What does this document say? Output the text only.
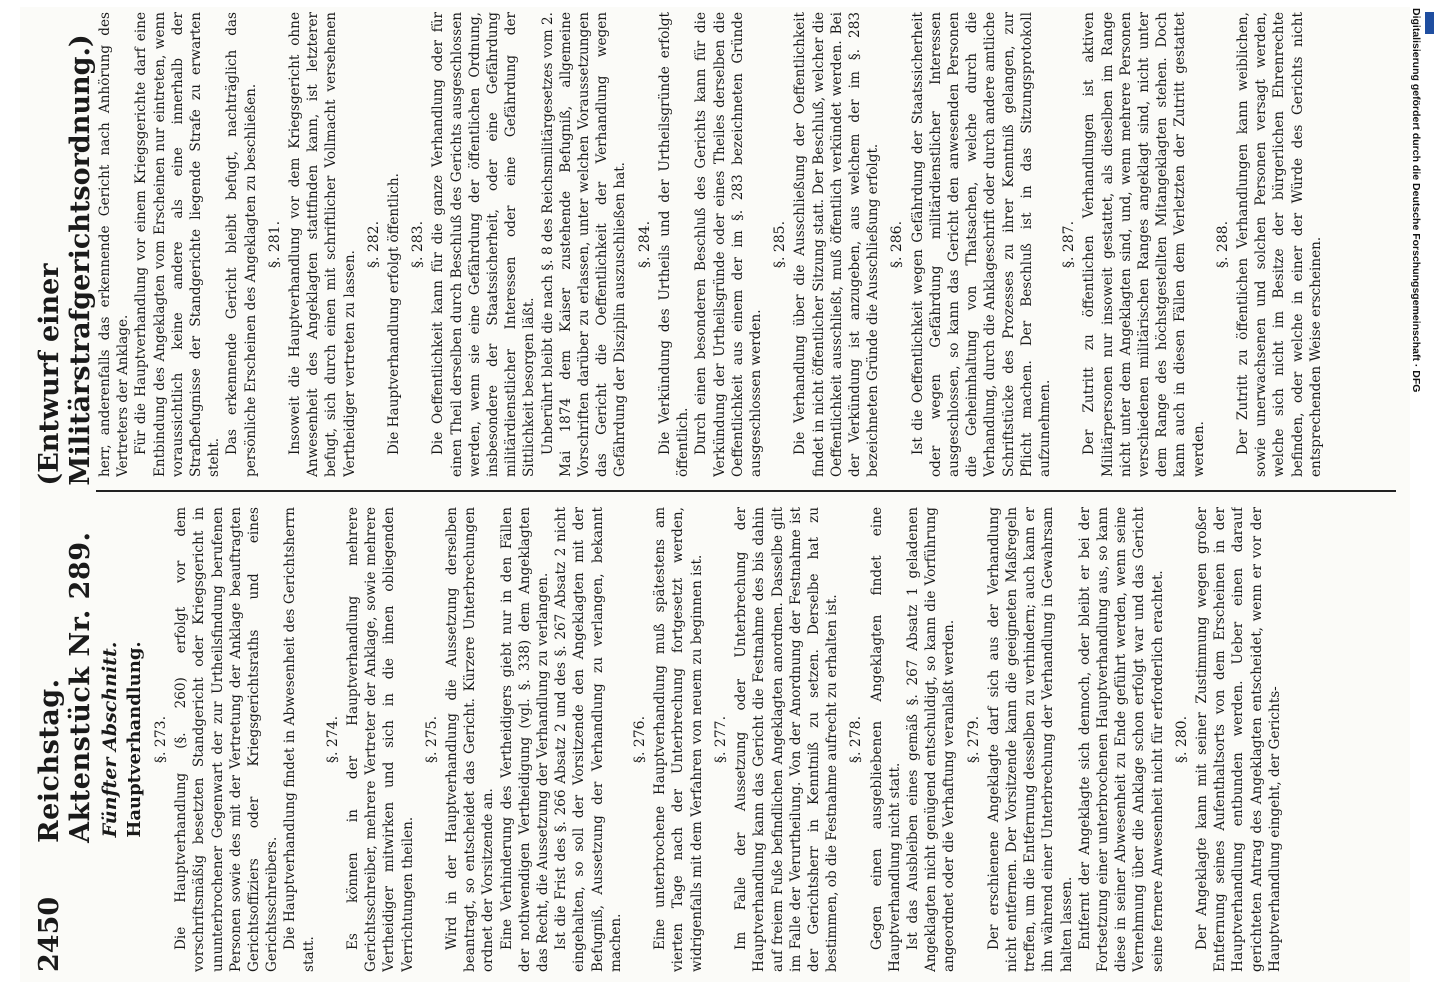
2450
Reichstag. Aktenstück Nr. 289.
(Entwurf einer Militärstrafgerichtsordnung.)
Fünfter Abschnitt. Hauptverhandlung. §. 273. Die Hauptverhandlung (§. 260) erfolgt vor dem vorschriftsmäßig besetzten Standgericht oder Kriegsgericht in ununterbrochener Gegenwart der zur Urtheilsfindung berufenen Personen sowie des mit der Vertretung der Anklage beauftragten Gerichtsoffiziers oder Kriegsgerichtsraths und eines Gerichtsschreibers. Die Hauptverhandlung findet in Abwesenheit des Gerichtsherrn statt.

§. 274. Es können in der Hauptverhandlung mehrere Gerichtsschreiber, mehrere Vertreter der Anklage, sowie mehrere Vertheidiger mitwirken und sich in die ihnen obliegenden Verrichtungen theilen.

§. 275. Wird in der Hauptverhandlung die Aussetzung derselben beantragt, so entscheidet das Gericht. Kürzere Unterbrechungen ordnet der Vorsitzende an. Eine Verhinderung des Vertheidigers giebt nur in den Fällen der nothwendigen Vertheidigung (vgl. §. 338) dem Angeklagten das Recht, die Aussetzung der Verhandlung zu verlangen. Ist die Frist des §. 266 Absatz 2 und des §. 267 Absatz 2 nicht eingehalten, so soll der Vorsitzende den Angeklagten mit der Befugniß, Aussetzung der Verhandlung zu verlangen, bekannt machen.

§. 276. Eine unterbrochene Hauptverhandlung muß spätestens am vierten Tage nach der Unterbrechung fortgesetzt werden, widrigenfalls mit dem Verfahren von neuem zu beginnen ist. §. 277. Im Falle der Aussetzung oder Unterbrechung der Hauptverhandlung kann das Gericht die Festnahme des bis dahin auf freiem Fuße befindlichen Angeklagten anordnen. Dasselbe gilt im Falle der Verurtheilung. Von der Anordnung der Festnahme ist der Gerichtsherr in Kenntniß zu setzen. Derselbe hat zu bestimmen, ob die Festnahme aufrecht zu erhalten ist. §. 278. Gegen einen ausgebliebenen Angeklagten findet eine Hauptverhandlung nicht statt. Ist das Ausbleiben eines gemäß §. 267 Absatz 1 geladenen Angeklagten nicht genügend entschuldigt, so kann die Vorführung angeordnet oder die Verhaftung veranlaßt werden. §. 279. Der erschienene Angeklagte darf sich aus der Verhandlung nicht entfernen. Der Vorsitzende kann die geeigneten Maßregeln treffen, um die Entfernung desselben zu verhindern; auch kann er ihn während einer Unterbrechung der Verhandlung in Gewahrsam halten lassen. Entfernt der Angeklagte sich dennoch, oder bleibt er bei der Fortsetzung einer unterbrochenen Hauptverhandlung aus, so kann diese in seiner Abwesenheit zu Ende geführt werden, wenn seine Vernehmung über die Anklage schon erfolgt war und das Gericht seine fernere Anwesenheit nicht für erforderlich erachtet. §. 280. Der Angeklagte kann mit seiner Zustimmung wegen großer Entfernung seines Aufenthaltsorts von dem Erscheinen in der Hauptverhandlung entbunden werden. Ueber einen darauf gerichteten Antrag des Angeklagten entscheidet, wenn er vor der Hauptverhandlung eingeht, der Gerichts-

herr, anderenfalls das erkennende Gericht nach Anhörung des Vertreters der Anklage. Für die Hauptverhandlung vor einem Kriegsgerichte darf eine Entbindung des Angeklagten vom Erscheinen nur eintreten, wenn voraussichtlich keine andere als eine innerhalb der Strafbefugnisse der Standgerichte liegende Strafe zu erwarten steht.

Das erkennende Gericht bleibt befugt, nachträglich das persönliche Erscheinen des Angeklagten zu beschließen. §. 281. Insoweit die Hauptverhandlung vor dem Kriegsgericht ohne Anwesenheit des Angeklagten stattfinden kann, ist letzterer befugt, sich durch einen mit schriftlicher Vollmacht versehenen Vertheidiger vertreten zu lassen.

§. 282. Die Hauptverhandlung erfolgt öffentlich. §. 283. Die Oeffentlichkeit kann für die ganze Verhandlung oder für einen Theil derselben durch Beschluß des Gerichts ausgeschlossen werden, wenn sie eine Gefährdung der öffentlichen Ordnung, insbesondere der Staatssicherheit, oder eine Gefährdung militärdienstlicher Interessen oder eine Gefährdung der Sittlichkeit besorgen läßt. Unberührt bleibt die nach §. 8 des Reichsmilitärgesetzes vom 2. Mai 1874 dem Kaiser zustehende Befugniß, allgemeine Vorschriften darüber zu erlassen, unter welchen Voraussetzungen das Gericht die Oeffentlichkeit der Verhandlung wegen Gefährdung der Disziplin auszuschließen hat. §. 284. Die Verkündung des Urtheils und der Urtheilsgründe erfolgt öffentlich. Durch einen besonderen Beschluß des Gerichts kann für die Verkündung der Urtheilsgründe oder eines Theiles derselben die Oeffentlichkeit aus einem der im §. 283 bezeichneten Gründe ausgeschlossen werden.

§. 285. Die Verhandlung über die Ausschließung der Oeffentlichkeit findet in nicht öffentlicher Sitzung statt. Der Beschluß, welcher die Oeffentlichkeit ausschließt, muß öffentlich verkündet werden. Bei der Verkündung ist anzugeben, aus welchem der im §. 283 bezeichneten Gründe die Ausschließung erfolgt. §. 286. Ist die Oeffentlichkeit wegen Gefährdung der Staatssicherheit oder wegen Gefährdung militärdienstlicher Interessen ausgeschlossen, so kann das Gericht den anwesenden Personen die Geheimhaltung von Thatsachen, welche durch die Verhandlung, durch die Anklageschrift oder durch andere amtliche Schriftstücke des Prozesses zu ihrer Kenntniß gelangen, zur Pflicht machen. Der Beschluß ist in das Sitzungsprotokoll aufzunehmen.

§. 287. Der Zutritt zu öffentlichen Verhandlungen ist aktiven Militärpersonen nur insoweit gestattet, als dieselben im Range nicht unter dem Angeklagten sind, und, wenn mehrere Personen verschiedenen militärischen Ranges angeklagt sind, nicht unter dem Range des höchstgestellten Mitangeklagten stehen. Doch kann auch in diesen Fällen dem Verletzten der Zutritt gestattet werden.

§. 288. Der Zutritt zu öffentlichen Verhandlungen kann weiblichen, sowie unerwachsenen und solchen Personen versagt werden, welche sich nicht im Besitze der bürgerlichen Ehrenrechte befinden, oder welche in einer der Würde des Gerichts nicht entsprechenden Weise erscheinen.	Digitalisierung gefördert durch die Deutsche Forschungsgemeinschaft · DFG
